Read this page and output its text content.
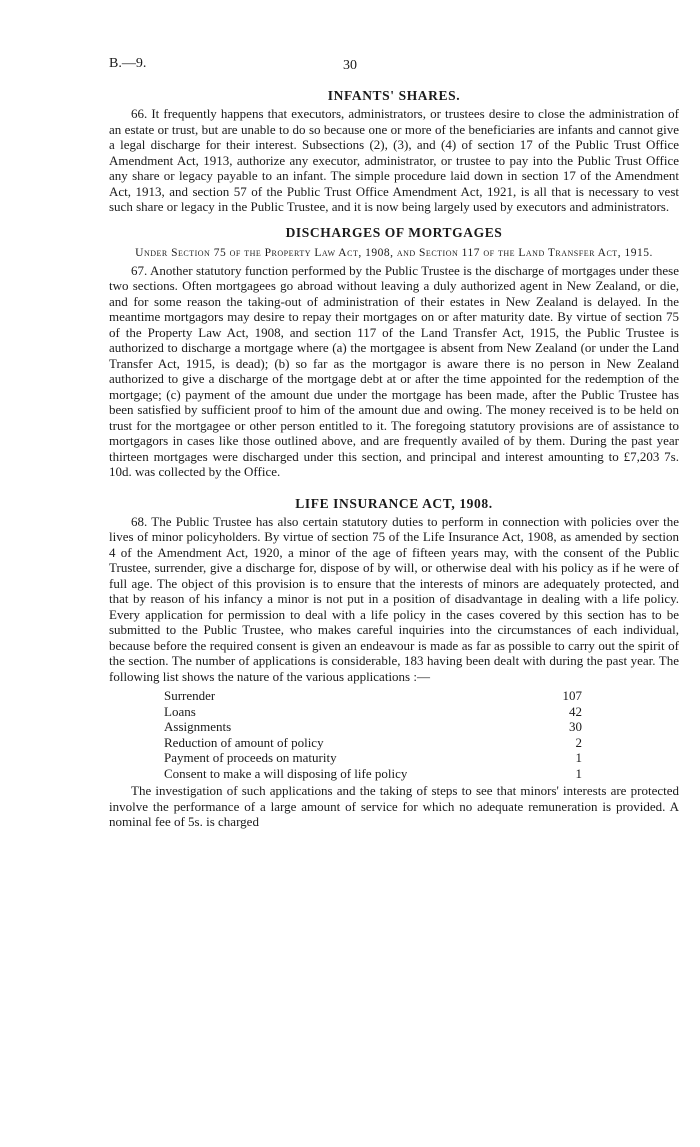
B.—9.	30
INFANTS' SHARES.

66. It frequently happens that executors, administrators, or trustees desire to close the administration of an estate or trust, but are unable to do so because one or more of the beneficiaries are infants and cannot give a legal discharge for their interest. Subsections (2), (3), and (4) of section 17 of the Public Trust Office Amendment Act, 1913, authorize any executor, administrator, or trustee to pay into the Public Trust Office any share or legacy payable to an infant. The simple procedure laid down in section 17 of the Amendment Act, 1913, and section 57 of the Public Trust Office Amendment Act, 1921, is all that is necessary to vest such share or legacy in the Public Trustee, and it is now being largely used by executors and administrators.

DISCHARGES OF MORTGAGES
Under Section 75 of the Property Law Act, 1908, and Section 117 of the Land Transfer Act, 1915.

67. Another statutory function performed by the Public Trustee is the discharge of mortgages under these two sections. Often mortgagees go abroad without leaving a duly authorized agent in New Zealand, or die, and for some reason the taking-out of administration of their estates in New Zealand is delayed. In the meantime mortgagors may desire to repay their mortgages on or after maturity date. By virtue of section 75 of the Property Law Act, 1908, and section 117 of the Land Transfer Act, 1915, the Public Trustee is authorized to discharge a mortgage where (a) the mortgagee is absent from New Zealand (or under the Land Transfer Act, 1915, is dead); (b) so far as the mortgagor is aware there is no person in New Zealand authorized to give a discharge of the mortgage debt at or after the time appointed for the redemption of the mortgage; (c) payment of the amount due under the mortgage has been made, after the Public Trustee has been satisfied by sufficient proof to him of the amount due and owing. The money received is to be held on trust for the mortgagee or other person entitled to it. The foregoing statutory provisions are of assistance to mortgagors in cases like those outlined above, and are frequently availed of by them. During the past year thirteen mortgages were discharged under this section, and principal and interest amounting to £7,203 7s. 10d. was collected by the Office.

LIFE INSURANCE ACT, 1908.

68. The Public Trustee has also certain statutory duties to perform in connection with policies over the lives of minor policyholders. By virtue of section 75 of the Life Insurance Act, 1908, as amended by section 4 of the Amendment Act, 1920, a minor of the age of fifteen years may, with the consent of the Public Trustee, surrender, give a discharge for, dispose of by will, or otherwise deal with his policy as if he were of full age. The object of this provision is to ensure that the interests of minors are adequately protected, and that by reason of his infancy a minor is not put in a position of disadvantage in dealing with a life policy. Every application for permission to deal with a life policy in the cases covered by this section has to be submitted to the Public Trustee, who makes careful inquiries into the circumstances of each individual, because before the required consent is given an endeavour is made as far as possible to carry out the spirit of the section. The number of applications is considerable, 183 having been dealt with during the past year. The following list shows the nature of the various applications :—

Surrender	107
Loans	42
Assignments	30
Reduction of amount of policy	2
Payment of proceeds on maturity	1
Consent to make a will disposing of life policy	1

The investigation of such applications and the taking of steps to see that minors' interests are protected involve the performance of a large amount of service for which no adequate remuneration is provided. A nominal fee of 5s. is charged
